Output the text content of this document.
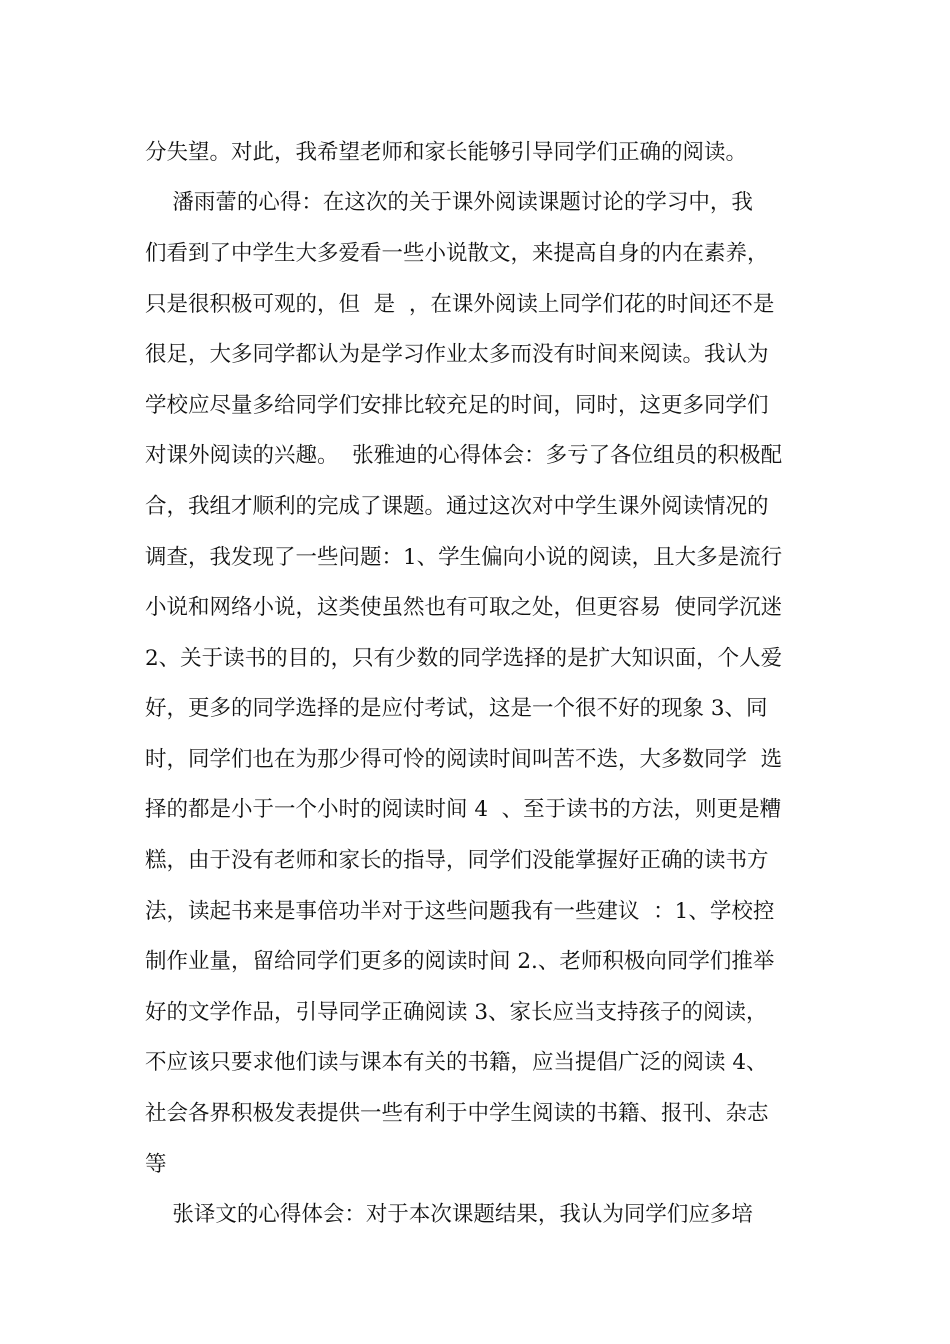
分失望。对此，我希望老师和家长能够引导同学们正确的阅读。
潘雨蕾的心得：在这次的关于课外阅读课题讨论的学习中，我
们看到了中学生大多爱看一些小说散文，来提高自身的内在素养，
只是很积极可观的，但  是  ，在课外阅读上同学们花的时间还不是
很足，大多同学都认为是学习作业太多而没有时间来阅读。我认为
学校应尽量多给同学们安排比较充足的时间，同时，这更多同学们
对课外阅读的兴趣。  张雅迪的心得体会：多亏了各位组员的积极配
合，我组才顺利的完成了课题。通过这次对中学生课外阅读情况的
调查，我发现了一些问题：1、学生偏向小说的阅读，且大多是流行
小说和网络小说，这类使虽然也有可取之处，但更容易  使同学沉迷
2、关于读书的目的，只有少数的同学选择的是扩大知识面，个人爱
好，更多的同学选择的是应付考试，这是一个很不好的现象 3、同
时，同学们也在为那少得可怜的阅读时间叫苦不迭，大多数同学  选
择的都是小于一个小时的阅读时间 4  、至于读书的方法，则更是糟
糕，由于没有老师和家长的指导，同学们没能掌握好正确的读书方
法，读起书来是事倍功半对于这些问题我有一些建议  ：1、学校控
制作业量，留给同学们更多的阅读时间 2.、老师积极向同学们推举
好的文学作品，引导同学正确阅读 3、家长应当支持孩子的阅读，
不应该只要求他们读与课本有关的书籍，应当提倡广泛的阅读 4、
社会各界积极发表提供一些有利于中学生阅读的书籍、报刊、杂志
等
张译文的心得体会：对于本次课题结果，我认为同学们应多培
